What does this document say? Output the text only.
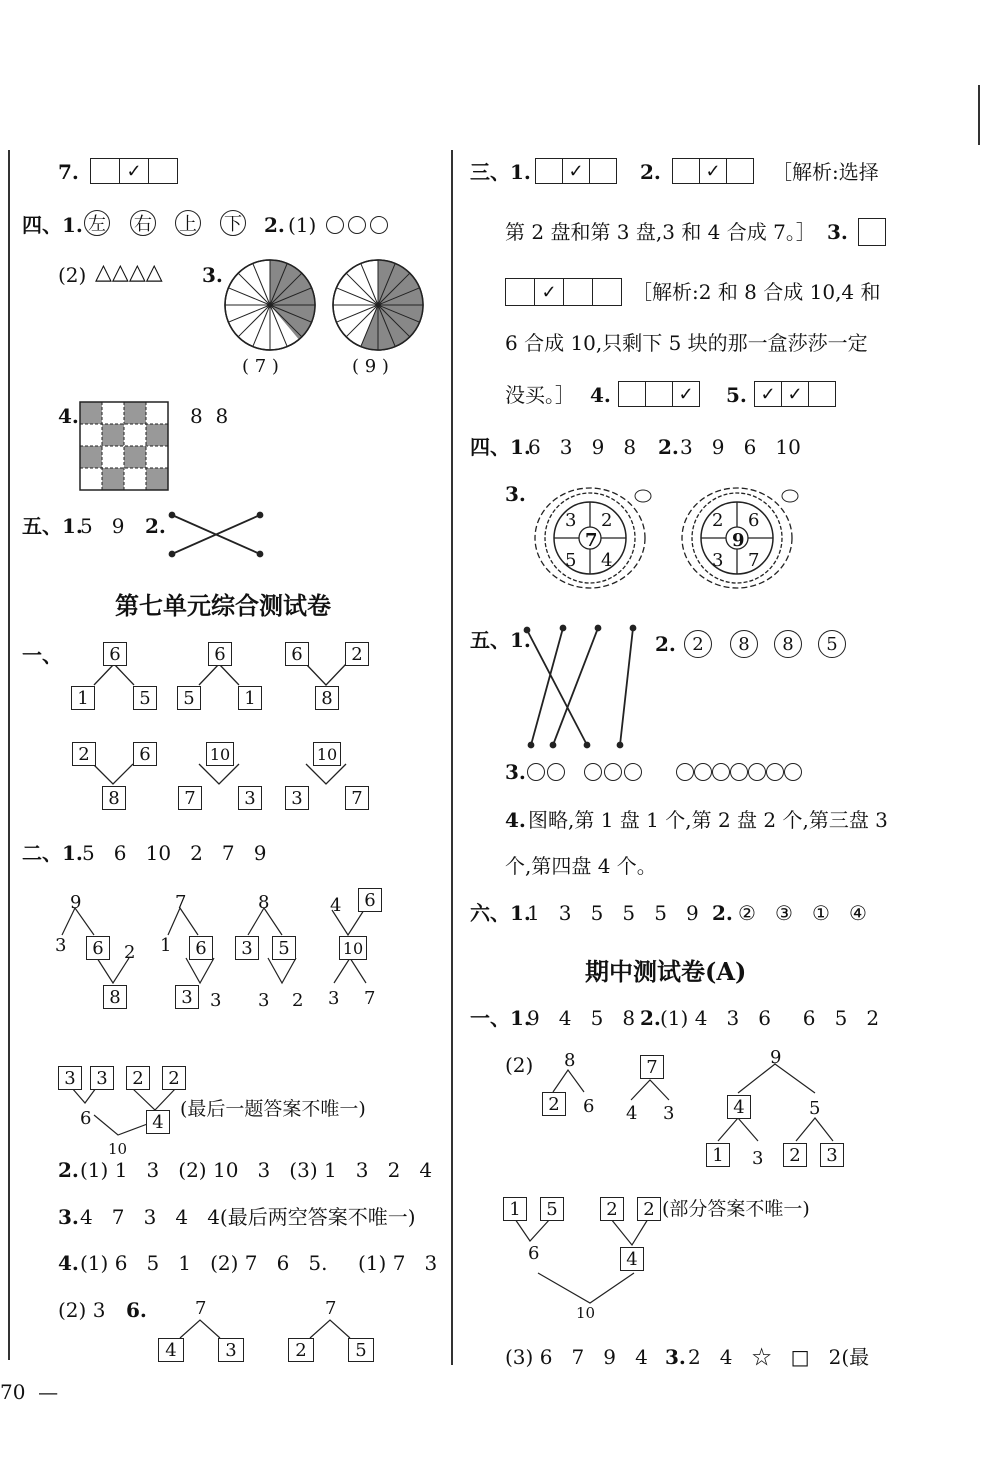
7.	✓
四、1. 左 右 上 下 2. (1)
(2) △△△△ 3.
( 7 )	( 9 )
4.	8  8
五、1.
5   9 2.
第七单元综合测试卷
一、	6
1	5
6
5	1
6	2
8
2	6
8
10
7	3
10
3	7
二、1. 5   6   10   2   7   9
9
3	6	2
8
7
1	6
3 3
8
3	5
3 2
4	6
10
3 7
3	3	2	2
6	4
10
(最后一题答案不唯一)
2. (1) 1   3   (2) 10   3   (3) 1   3   2   4
3. 4   7   3   4   4(最后两空答案不唯一)
4. (1) 6   5   1   (2) 7   6   5. (1) 7   3
(2) 3 6.	7
4	3
7
2	5
70  —
三、1.	✓	2.	✓	［解析:选择
第 2 盘和第 3 盘,3 和 4 合成 7。］ 3.
✓	［解析:2 和 8 合成 10,4 和
6 合成 10,只剩下 5 块的那一盒莎莎一定
没买。］ 4.	✓	5. ✓ ✓
四、1.
6   3   9   8 2. 3   9   6   10
3.
3 2
7
5 4
2 6
9
3 7
五、1.	2. 2	8	8	5
3.
4. 图略,第 1 盘 1 个,第 2 盘 2 个,第三盘 3
个,第四盘 4 个。
六、1.
1   3   5   5   5   9 2. ②   ③   ①   ④
期中测试卷(A)
一、1.
9   4   5   8 2. (1) 4   3   6     6   5   2
(2) 8
2	6
7
4 3
9
4	5
1	3	2	3
1	5	2	2 (部分答案不唯一)
6	4
10
(3) 6   7   9   4 3. 2   4   ☆   □   2(最
